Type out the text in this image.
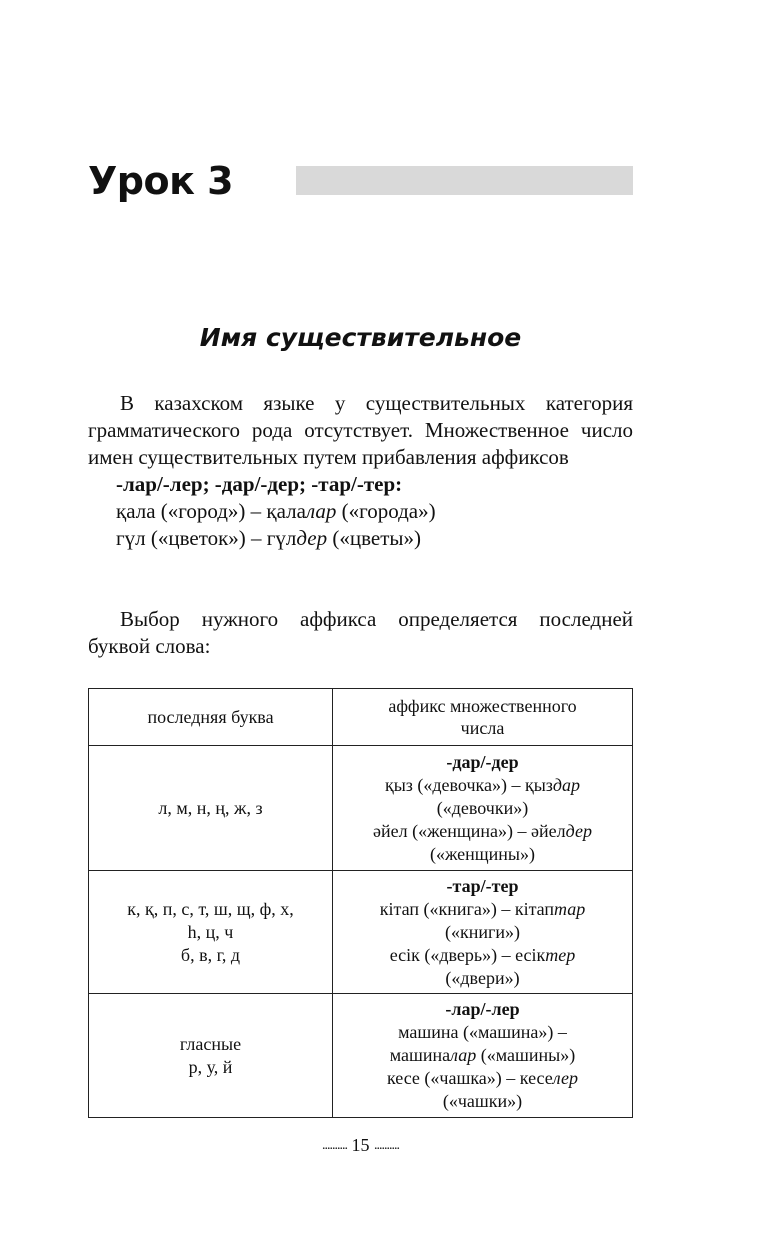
Урок 3
Имя существительное

В казахском языке у существительных категория грамматического рода отсутствует. Множественное число имен существительных путем прибавления аффиксов

-лар/-лер; -дар/-дер; -тар/-тер:

қала («город») – қалалар («города»)

гүл («цветок») – гүлдер («цветы»)

Выбор нужного аффикса определяется последней буквой слова:

последняя буква	аффикс множественного числа

л, м, н, ң, ж, з	-дар/-дер
қыз («девочка») – қыздар
(«девочки»)
әйел («женщина») – әйелдер
(«женщины»)

к, қ, п, с, т, ш, щ, ф, х,
һ, ц, ч
б, в, г, д	-тар/-тер
кітап («книга») – кітаптар
(«книги»)
есік («дверь») – есіктер
(«двери»)

гласные
р, у, й	-лар/-лер
машина («машина») –
машиналар («машины»)
кесе («чашка») – кеселер
(«чашки»)
.......... 15 ..........
